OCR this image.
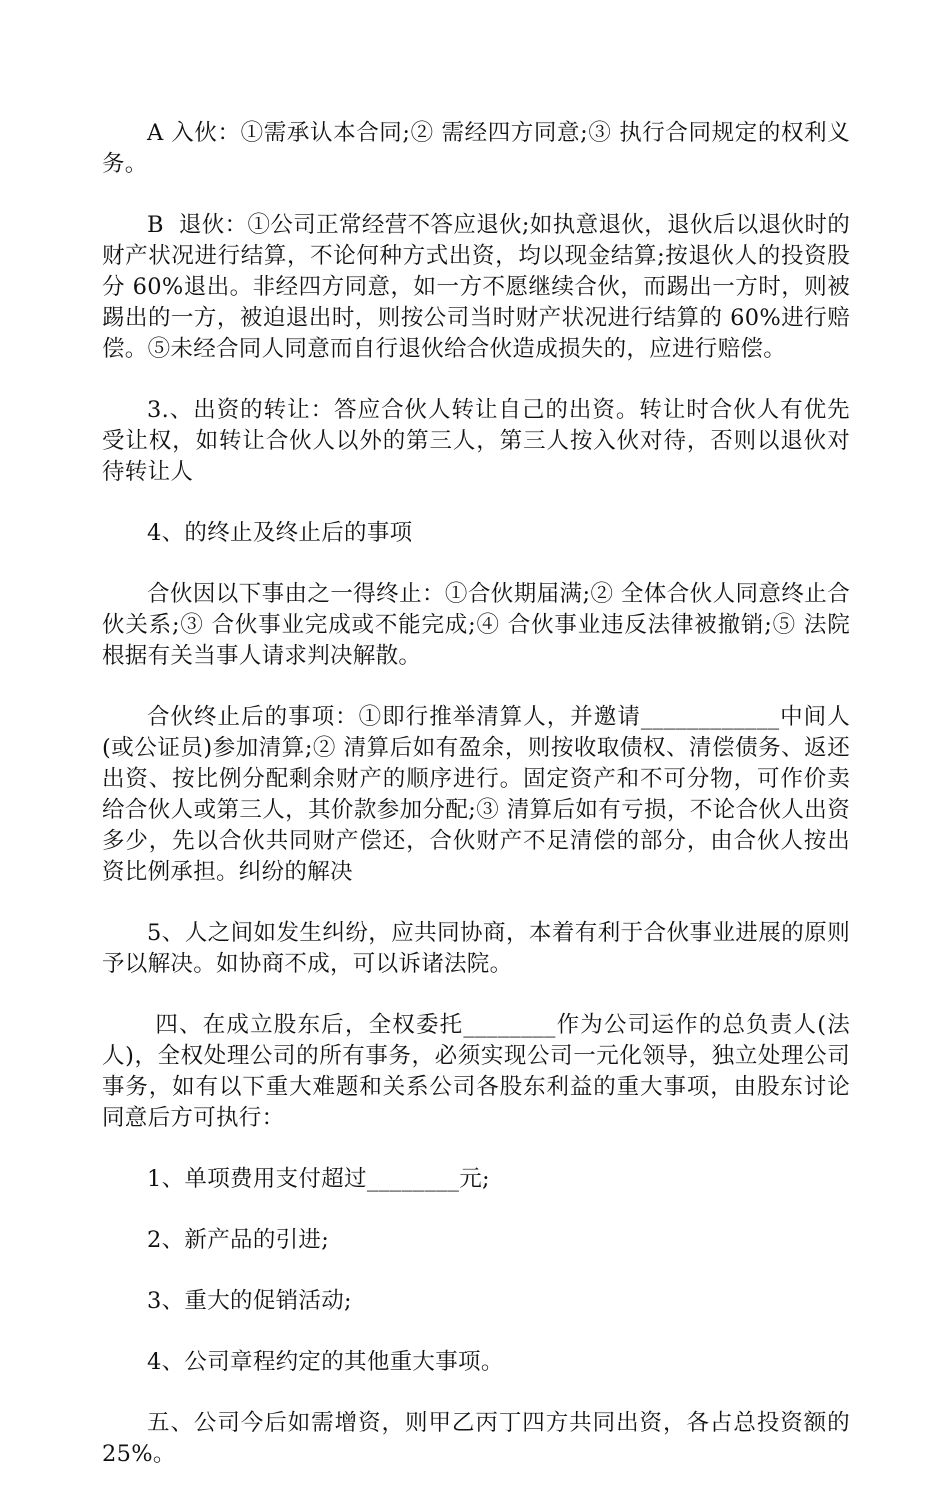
A 入伙：①需承认本合同;② 需经四方同意;③ 执行合同规定的权利义务。

B  退伙：①公司正常经营不答应退伙;如执意退伙，退伙后以退伙时的财产状况进行结算，不论何种方式出资，均以现金结算;按退伙人的投资股分 60%退出。非经四方同意，如一方不愿继续合伙，而踢出一方时，则被踢出的一方，被迫退出时，则按公司当时财产状况进行结算的 60%进行赔偿。⑤未经合同人同意而自行退伙给合伙造成损失的，应进行赔偿。

3.、出资的转让：答应合伙人转让自己的出资。转让时合伙人有优先受让权，如转让合伙人以外的第三人，第三人按入伙对待，否则以退伙对待转让人

4、的终止及终止后的事项

合伙因以下事由之一得终止：①合伙期届满;② 全体合伙人同意终止合伙关系;③ 合伙事业完成或不能完成;④ 合伙事业违反法律被撤销;⑤ 法院根据有关当事人请求判决解散。

合伙终止后的事项：①即行推举清算人，并邀请____________中间人(或公证员)参加清算;② 清算后如有盈余，则按收取债权、清偿债务、返还出资、按比例分配剩余财产的顺序进行。固定资产和不可分物，可作价卖给合伙人或第三人，其价款参加分配;③ 清算后如有亏损，不论合伙人出资多少，先以合伙共同财产偿还，合伙财产不足清偿的部分，由合伙人按出资比例承担。纠纷的解决

5、人之间如发生纠纷，应共同协商，本着有利于合伙事业进展的原则予以解决。如协商不成，可以诉诸法院。

四、在成立股东后，全权委托________作为公司运作的总负责人(法人)，全权处理公司的所有事务，必须实现公司一元化领导，独立处理公司事务，如有以下重大难题和关系公司各股东利益的重大事项，由股东讨论同意后方可执行：

1、单项费用支付超过________元;

2、新产品的引进;

3、重大的促销活动;

4、公司章程约定的其他重大事项。

五、公司今后如需增资，则甲乙丙丁四方共同出资，各占总投资额的 25%。
